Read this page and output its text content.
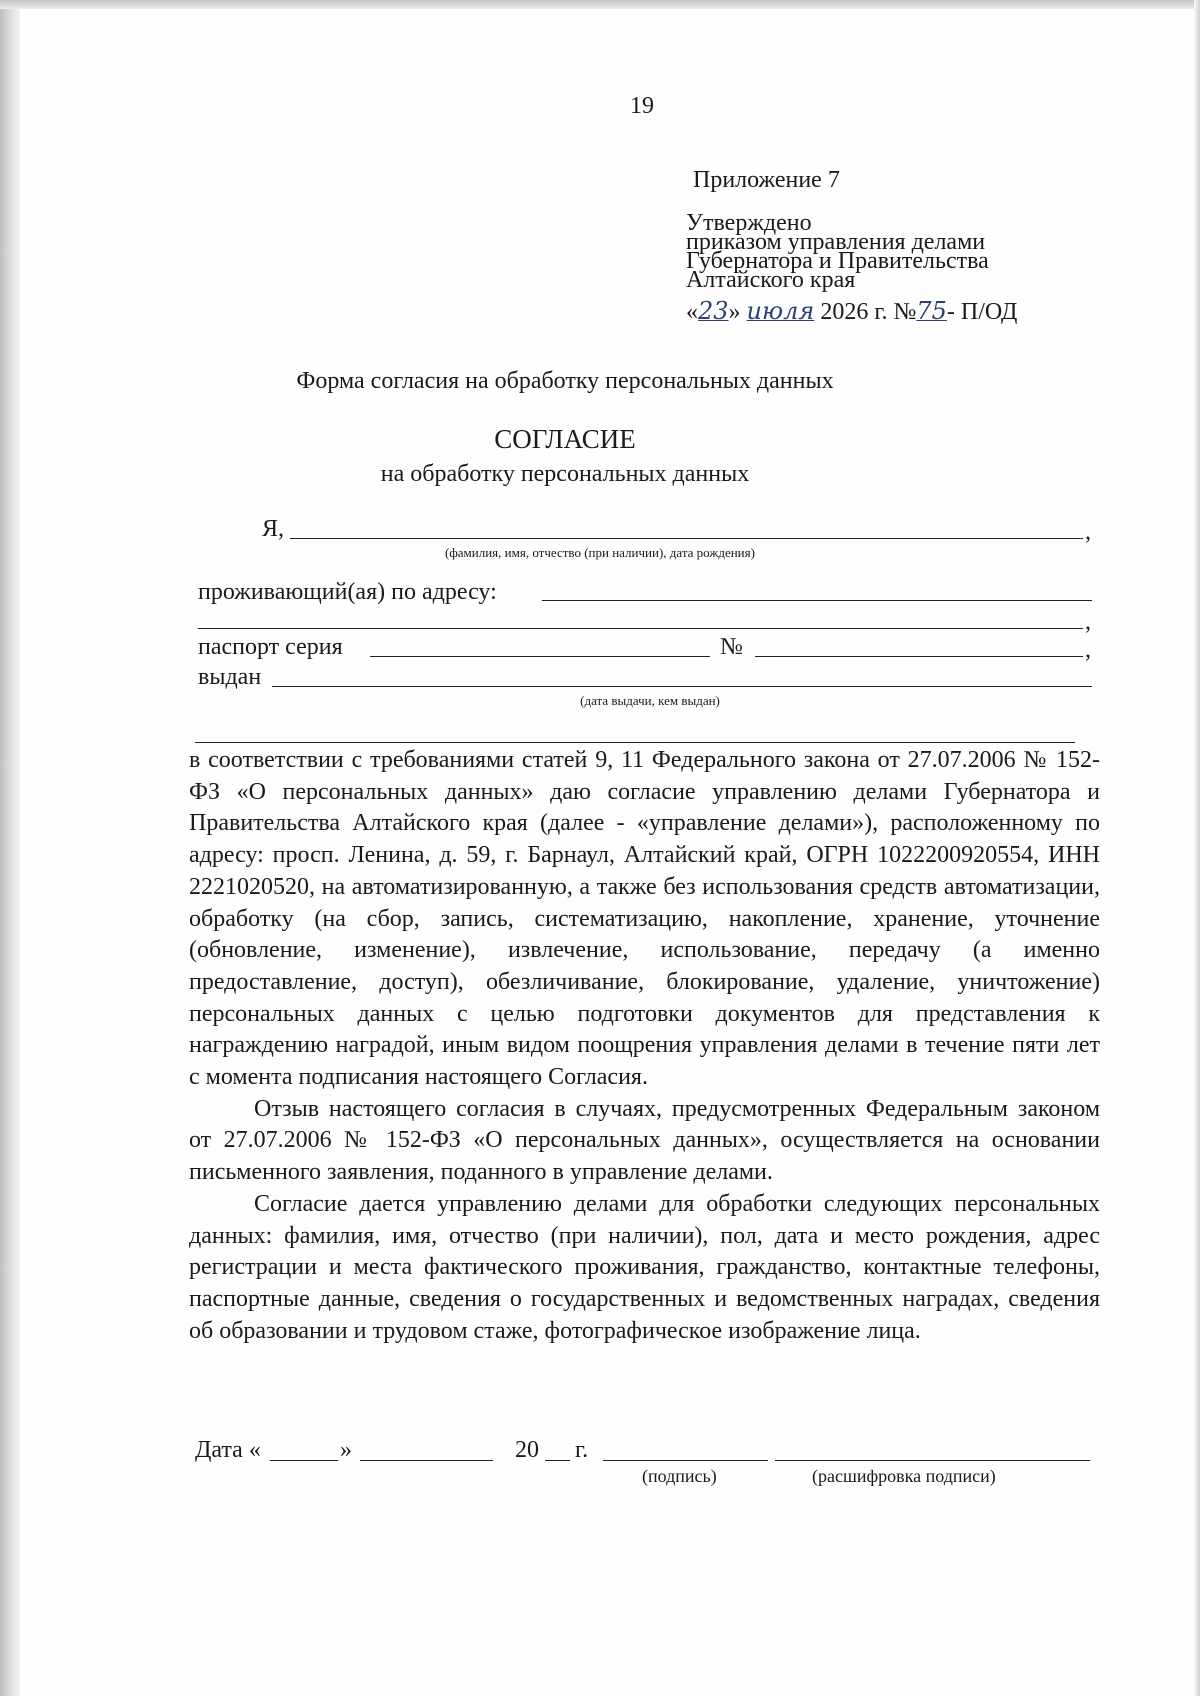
19
Приложение 7
Утверждено
приказом управления делами
Губернатора и Правительства
Алтайского края
«23» июля 2026 г. №75- П/ОД
Форма согласия на обработку персональных данных
СОГЛАСИЕ
на обработку персональных данных
Я,	,
(фамилия, имя, отчество (при наличии), дата рождения)
проживающий(ая) по адресу:
,
паспорт серия	№	,
выдан
(дата выдачи, кем выдан)

в соответствии с требованиями статей 9, 11 Федерального закона от 27.07.2006 № 152-ФЗ «О персональных данных» даю согласие управлению делами Губернатора и Правительства Алтайского края (далее - «управление делами»), расположенному по адресу: просп. Ленина, д. 59, г. Барнаул, Алтайский край, ОГРН 1022200920554, ИНН 2221020520, на автоматизированную, а также без использования средств автоматизации, обработку (на сбор, запись, систематизацию, накопление, хранение, уточнение (обновление, изменение), извлечение, использование, передачу (а именно предоставление, доступ), обезличивание, блокирование, удаление, уничтожение) персональных данных с целью подготовки документов для представления к награждению наградой, иным видом поощрения управления делами в течение пяти лет с момента подписания настоящего Согласия.

Отзыв настоящего согласия в случаях, предусмотренных Федеральным законом от 27.07.2006 № 152-ФЗ «О персональных данных», осуществляется на основании письменного заявления, поданного в управление делами.

Согласие дается управлению делами для обработки следующих персональных данных: фамилия, имя, отчество (при наличии), пол, дата и место рождения, адрес регистрации и места фактического проживания, гражданство, контактные телефоны, паспортные данные, сведения о государственных и ведомственных наградах, сведения об образовании и трудовом стаже, фотографическое изображение лица.

Дата «	»	20 г.
(подпись)	(расшифровка подписи)
